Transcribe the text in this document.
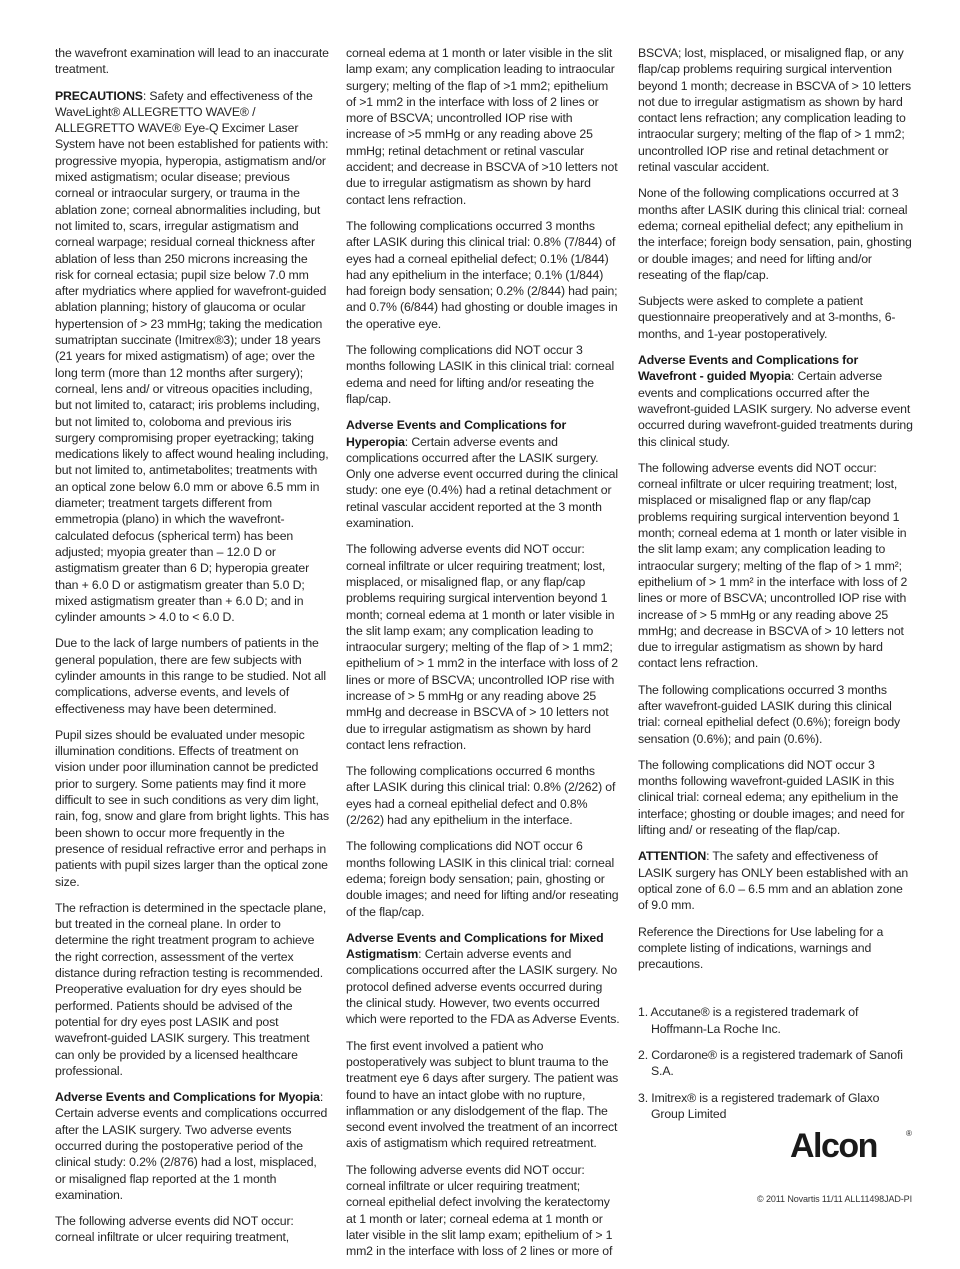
the wavefront examination will lead to an inaccurate treatment.

PRECAUTIONS: Safety and effectiveness of the WaveLight® ALLEGRETTO WAVE® / ALLEGRETTO WAVE® Eye-Q Excimer Laser System have not been established for patients with: progressive myopia, hyperopia, astigmatism and/or mixed astigmatism; ocular disease; previous corneal or intraocular surgery, or trauma in the ablation zone; corneal abnormalities including, but not limited to, scars, irregular astigmatism and corneal warpage; residual corneal thickness after ablation of less than 250 microns increasing the risk for corneal ectasia; pupil size below 7.0 mm after mydriatics where applied for wavefront-guided ablation planning; history of glaucoma or ocular hypertension of > 23 mmHg; taking the medication sumatriptan succinate (Imitrex®3); under 18 years (21 years for mixed astigmatism) of age; over the long term (more than 12 months after surgery); corneal, lens and/ or vitreous opacities including, but not limited to, cataract; iris problems including, but not limited to, coloboma and previous iris surgery compromising proper eyetracking; taking medications likely to affect wound healing including, but not limited to, antimetabolites; treatments with an optical zone below 6.0 mm or above 6.5 mm in diameter; treatment targets different from emmetropia (plano) in which the wavefront-calculated defocus (spherical term) has been adjusted; myopia greater than – 12.0 D or astigmatism greater than 6 D; hyperopia greater than + 6.0 D or astigmatism greater than 5.0 D; mixed astigmatism greater than + 6.0 D; and in cylinder amounts > 4.0 to < 6.0 D.

Due to the lack of large numbers of patients in the general population, there are few subjects with cylinder amounts in this range to be studied. Not all complications, adverse events, and levels of effectiveness may have been determined.

Pupil sizes should be evaluated under mesopic illumination conditions. Effects of treatment on vision under poor illumination cannot be predicted prior to surgery. Some patients may find it more difficult to see in such conditions as very dim light, rain, fog, snow and glare from bright lights. This has been shown to occur more frequently in the presence of residual refractive error and perhaps in patients with pupil sizes larger than the optical zone size.

The refraction is determined in the spectacle plane, but treated in the corneal plane. In order to determine the right treatment program to achieve the right correction, assessment of the vertex distance during refraction testing is recommended. Preoperative evaluation for dry eyes should be performed. Patients should be advised of the potential for dry eyes post LASIK and post wavefront-guided LASIK surgery. This treatment can only be provided by a licensed healthcare professional.

Adverse Events and Complications for Myopia: Certain adverse events and complications occurred after the LASIK surgery. Two adverse events occurred during the postoperative period of the clinical study: 0.2% (2/876) had a lost, misplaced, or misaligned flap reported at the 1 month examination.

The following adverse events did NOT occur: corneal infiltrate or ulcer requiring treatment,

corneal edema at 1 month or later visible in the slit lamp exam; any complication leading to intraocular surgery; melting of the flap of >1 mm2; epithelium of >1 mm2 in the interface with loss of 2 lines or more of BSCVA; uncontrolled IOP rise with increase of >5 mmHg or any reading above 25 mmHg; retinal detachment or retinal vascular accident; and decrease in BSCVA of >10 letters not due to irregular astigmatism as shown by hard contact lens refraction.

The following complications occurred 3 months after LASIK during this clinical trial: 0.8% (7/844) of eyes had a corneal epithelial defect; 0.1% (1/844) had any epithelium in the interface; 0.1% (1/844) had foreign body sensation; 0.2% (2/844) had pain; and 0.7% (6/844) had ghosting or double images in the operative eye.

The following complications did NOT occur 3 months following LASIK in this clinical trial: corneal edema and need for lifting and/or reseating the flap/cap.

Adverse Events and Complications for Hyperopia: Certain adverse events and complications occurred after the LASIK surgery. Only one adverse event occurred during the clinical study: one eye (0.4%) had a retinal detachment or retinal vascular accident reported at the 3 month examination.

The following adverse events did NOT occur: corneal infiltrate or ulcer requiring treatment; lost, misplaced, or misaligned flap, or any flap/cap problems requiring surgical intervention beyond 1 month; corneal edema at 1 month or later visible in the slit lamp exam; any complication leading to intraocular surgery; melting of the flap of > 1 mm2; epithelium of > 1 mm2 in the interface with loss of 2 lines or more of BSCVA; uncontrolled IOP rise with increase of > 5 mmHg or any reading above 25 mmHg and decrease in BSCVA of > 10 letters not due to irregular astigmatism as shown by hard contact lens refraction.

The following complications occurred 6 months after LASIK during this clinical trial: 0.8% (2/262) of eyes had a corneal epithelial defect and 0.8% (2/262) had any epithelium in the interface.

The following complications did NOT occur 6 months following LASIK in this clinical trial: corneal edema; foreign body sensation; pain, ghosting or double images; and need for lifting and/or reseating of the flap/cap.

Adverse Events and Complications for Mixed Astigmatism: Certain adverse events and complications occurred after the LASIK surgery. No protocol defined adverse events occurred during the clinical study. However, two events occurred which were reported to the FDA as Adverse Events.

The first event involved a patient who postoperatively was subject to blunt trauma to the treatment eye 6 days after surgery. The patient was found to have an intact globe with no rupture, inflammation or any dislodgement of the flap. The second event involved the treatment of an incorrect axis of astigmatism which required retreatment.

The following adverse events did NOT occur: corneal infiltrate or ulcer requiring treatment; corneal epithelial defect involving the keratectomy at 1 month or later; corneal edema at 1 month or later visible in the slit lamp exam; epithelium of > 1 mm2 in the interface with loss of 2 lines or more of

BSCVA; lost, misplaced, or misaligned flap, or any flap/cap problems requiring surgical intervention beyond 1 month; decrease in BSCVA of > 10 letters not due to irregular astigmatism as shown by hard contact lens refraction; any complication leading to intraocular surgery; melting of the flap of > 1 mm2; uncontrolled IOP rise and retinal detachment or retinal vascular accident.

None of the following complications occurred at 3 months after LASIK during this clinical trial: corneal edema; corneal epithelial defect; any epithelium in the interface; foreign body sensation, pain, ghosting or double images; and need for lifting and/or reseating of the flap/cap.

Subjects were asked to complete a patient questionnaire preoperatively and at 3-months, 6-months, and 1-year postoperatively.

Adverse Events and Complications for Wavefront - guided Myopia: Certain adverse events and complications occurred after the wavefront-guided LASIK surgery. No adverse event occurred during wavefront-guided treatments during this clinical study.

The following adverse events did NOT occur: corneal infiltrate or ulcer requiring treatment; lost, misplaced or misaligned flap or any flap/cap problems requiring surgical intervention beyond 1 month; corneal edema at 1 month or later visible in the slit lamp exam; any complication leading to intraocular surgery; melting of the flap of > 1 mm²; epithelium of > 1 mm² in the interface with loss of 2 lines or more of BSCVA; uncontrolled IOP rise with increase of > 5 mmHg or any reading above 25 mmHg; and decrease in BSCVA of > 10 letters not due to irregular astigmatism as shown by hard contact lens refraction.

The following complications occurred 3 months after wavefront-guided LASIK during this clinical trial: corneal epithelial defect (0.6%); foreign body sensation (0.6%); and pain (0.6%).

The following complications did NOT occur 3 months following wavefront-guided LASIK in this clinical trial: corneal edema; any epithelium in the interface; ghosting or double images; and need for lifting and/ or reseating of the flap/cap.

ATTENTION: The safety and effectiveness of LASIK surgery has ONLY been established with an optical zone of 6.0 – 6.5 mm and an ablation zone of 9.0 mm.

Reference the Directions for Use labeling for a complete listing of indications, warnings and precautions.

1. Accutane® is a registered trademark of Hoffmann-La Roche Inc.
2. Cordarone® is a registered trademark of Sanofi S.A.
3. Imitrex® is a registered trademark of Glaxo Group Limited
Alcon	®
© 2011 Novartis 11/11 ALL11498JAD-PI
